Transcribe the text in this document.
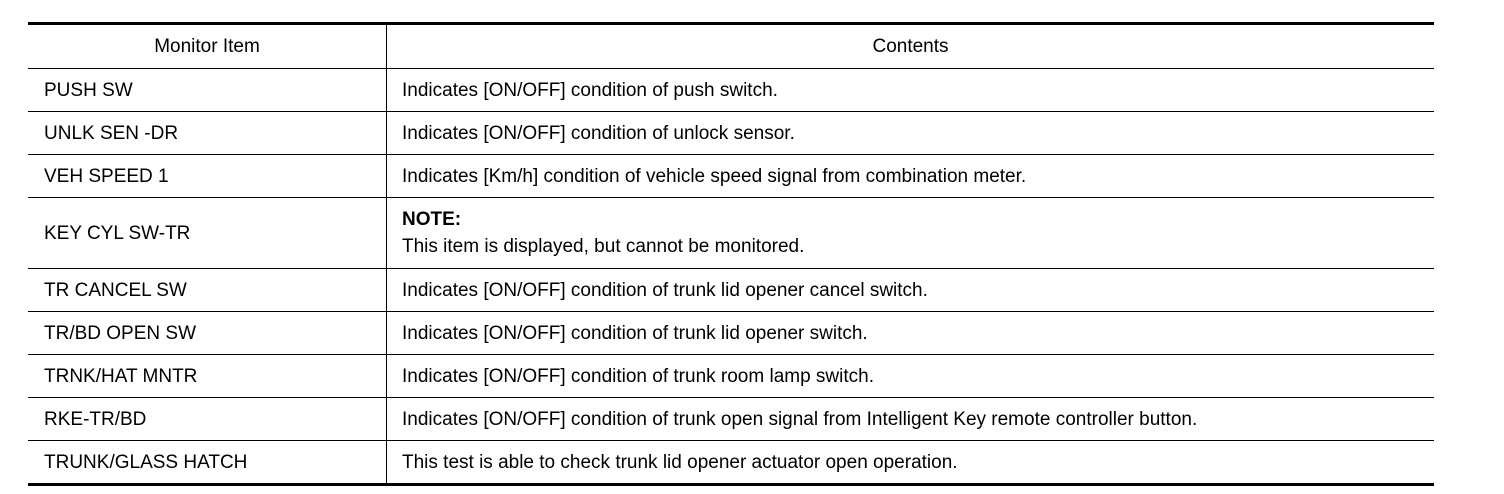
Monitor Item	Contents
PUSH SW	Indicates [ON/OFF] condition of push switch.
UNLK SEN -DR	Indicates [ON/OFF] condition of unlock sensor.
VEH SPEED 1	Indicates [Km/h] condition of vehicle speed signal from combination meter.
KEY CYL SW-TR	NOTE:
This item is displayed, but cannot be monitored.

TR CANCEL SW	Indicates [ON/OFF] condition of trunk lid opener cancel switch.
TR/BD OPEN SW	Indicates [ON/OFF] condition of trunk lid opener switch.
TRNK/HAT MNTR	Indicates [ON/OFF] condition of trunk room lamp switch.
RKE-TR/BD	Indicates [ON/OFF] condition of trunk open signal from Intelligent Key remote controller button.
TRUNK/GLASS HATCH	This test is able to check trunk lid opener actuator open operation.
